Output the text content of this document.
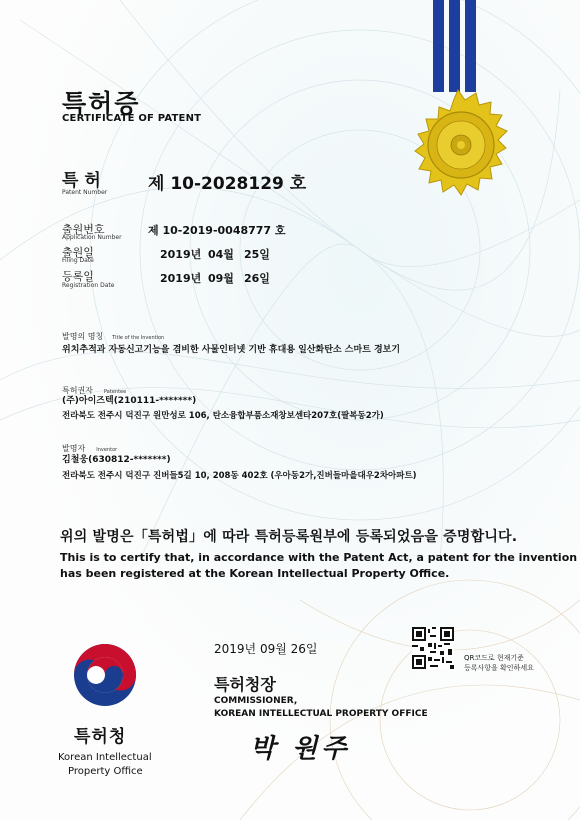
특허증
CERTIFICATE OF PATENT
특 허
Patent Number 제 10-2028129 호
출원번호
Application Number
제 10-2019-0048777 호
출원일
Filing Date	2019년 04월 25일
등록일
Registration Date
2019년 09월 26일
발명의 명칭 Title of the Invention
위치추적과 자동신고기능을 겸비한 사물인터넷 기반 휴대용 일산화탄소 스마트 경보기
특허권자 Patentee
(주)아이즈텍(210111-*******)
전라북도 전주시 덕진구 원만성로 106, 탄소융합부품소재창보센타207호(팔복동2가)
발명자 Inventor
김철웅(630812-*******)
전라북도 전주시 덕진구 진버들5길 10, 208동 402호 (우아동2가,진버들마을대우2차아파트)
위의 발명은「특허법」에 따라 특허등록원부에 등록되었음을 증명합니다.
This is to certify that, in accordance with the Patent Act, a patent for the invention
has been registered at the Korean Intellectual Property Office.
2019년 09월 26일
QR코드로 현재기준
등록사항을 확인하세요
특허청장
COMMISSIONER,
KOREAN INTELLECTUAL PROPERTY OFFICE
박 원주
특허청
Korean Intellectual
Property Office
